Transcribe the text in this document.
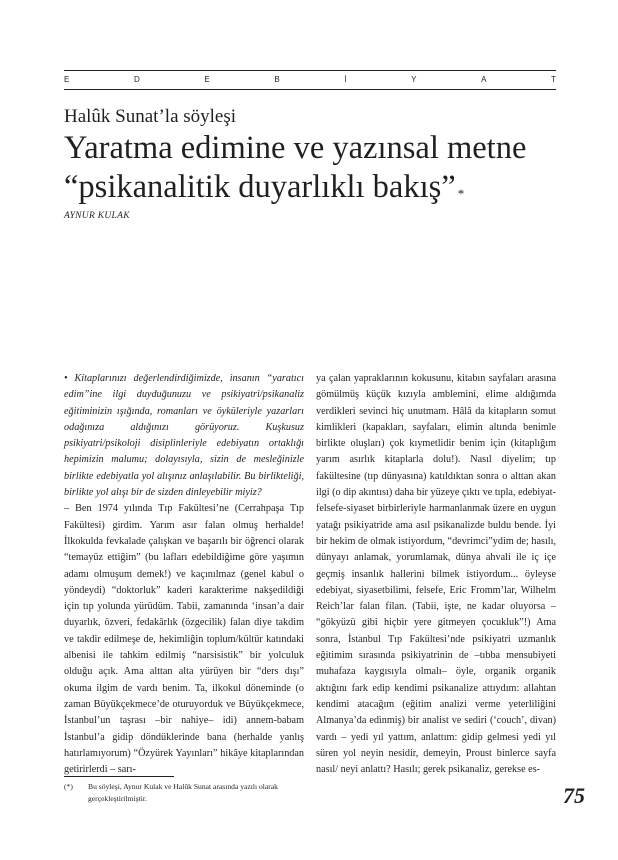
E	D	E	B	İ	Y	A	T
Halûk Sunat’la söyleşi
Yaratma edimine ve yazınsal metne
“psikanalitik duyarlıklı bakış” *
AYNUR KULAK

• Kitaplarınızı değerlendirdiğimizde, insanın “yaratıcı edim”ine ilgi duyduğunuzu ve psikiyatri/psikanaliz eğitiminizin ışığında, romanları ve öyküleriyle yazarları odağınıza aldığınızı görüyoruz. Kuşkusuz psikiyatri/psikoloji disiplinleriyle edebiyatın ortaklığı hepimizin malumu; dolayısıyla, sizin de mesleğinizle birlikte edebiyatla yol alışınız anlaşılabilir. Bu birlikteliği, birlikte yol alışı bir de sizden dinleyebilir miyiz?

– Ben 1974 yılında Tıp Fakültesi’ne (Cerrahpaşa Tıp Fakültesi) girdim. Yarım asır falan olmuş herhalde! İlkokulda fevkalade çalışkan ve başarılı bir öğrenci olarak “temayüz ettiğim” (bu lafları edebildiğime göre yaşımın adamı olmuşum demek!) ve kaçınılmaz (genel kabul o yöndeydi) “doktorluk” kaderi karakterime nakşedildiği için tıp yolunda yürüdüm. Tabii, zamanında ‘insan’a dair duyarlık, özveri, fedakârlık (özgecilik) falan diye takdim ve takdir edilmeşe de, hekimliğin toplum/kültür katındaki albenisi ile tahkim edilmiş “narsisistik” bir yolculuk olduğu açık. Ama alttan alta yürüyen bir “ders dışı” okuma ilgim de vardı benim. Ta, ilkokul döneminde (o zaman Büyükçekmece’de oturuyorduk ve Büyükçekmece, İstanbul’un taşrası –bir nahiye– idi) annem-babam İstanbul’a gidip döndüklerinde bana (herhalde yanlış hatırlamıyorum) “Özyürek Yayınları” hikâye kitaplarından getirirlerdi – sarı-

ya çalan yapraklarının kokusunu, kitabın sayfaları arasına gömülmüş küçük kızıyla amblemini, elime aldığımda verdikleri sevinci hiç unutmam. Hâlâ da kitapların somut kimlikleri (kapakları, sayfaları, elimin altında benimle birlikte oluşları) çok kıymetlidir benim için (kitaplığım yarım asırlık kitaplarla dolu!). Nasıl diyelim; tıp fakültesine (tıp dünyasına) katıldıktan sonra o alttan akan ilgi (o dip akıntısı) daha bir yüzeye çıktı ve tıpla, edebiyat-felsefe-siyaset birbirleriyle harmanlanmak üzere en uygun yatağı psikiyatride ama asıl psikanalizde buldu bende. İyi bir hekim de olmak istiyordum, “devrimci”ydim de; hasılı, dünyayı anlamak, yorumlamak, dünya ahvali ile iç içe geçmiş insanlık hallerini bilmek istiyordum... öyleyse edebiyat, siyasetbilimi, felsefe, Eric Fromm’lar, Wilhelm Reich’lar falan filan. (Tabii, işte, ne kadar oluyorsa – “gökyüzü gibi hiçbir yere gitmeyen çocukluk”!) Ama sonra, İstanbul Tıp Fakültesi’nde psikiyatri uzmanlık eğitimim sırasında psikiyatrinin de –tıbba mensubiyeti muhafaza kaygısıyla olmalı– öyle, organik organik aktığını fark edip kendimi psikanalize attıydım: allahtan kendimi atacağım (eğitim analizi verme yeterliliğini Almanya’da edinmiş) bir analist ve sediri (‘couch’, divan) vardı – yedi yıl yattım, anlattım: gidip gelmesi yedi yıl süren yol neyin nesidir, demeyin, Proust binlerce sayfa nasıl/ neyi anlattı? Hasılı; gerek psikanaliz, gerekse es-

(*) Bu söyleşi, Aynur Kulak ve Halûk Sunat arasında yazılı olarak
gerçekleştirilmiştir.	75
